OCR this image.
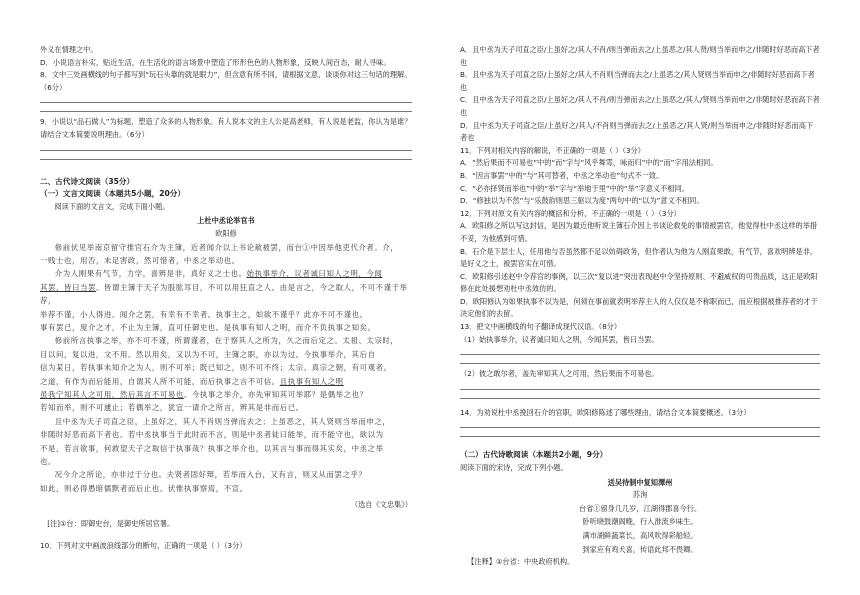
外义在情理之中。

D．小说语言朴实，贴近生活，在生活化的语言场景中塑造了形形色色的人物形象，反映人间百态，耐人寻味。

8．文中三处画横线的句子都写到“玩石头靠的就是眼力”，但含意有所不同，请根据文意，谈谈你对这三句话的理解。（6分）

9．小说以“品石做人”为标题，塑造了众多的人物形象。有人说本文的主人公是高老师，有人说是老监，你认为是谁？请结合文本简要说明理由。（6分）

二、古代诗文阅读（35分）

（一）文言文阅读（本题共5小题，20分）

阅读下面的文言文，完成下面小题。

上杜中丞论举官书

欧阳修

修前伏见举南京留守推官石介为主簿，近者闻介以上书论赦被罢，而台①中因举他吏代介者。介，

一贱士也，用否，未足害政，然可惜者，中丞之举动也。

介为人刚果有气节，力学，喜辨是非，真好义之士也。始执事举介，议者诚曰知人之明，今闻

其罢，皆曰当罢。皆谓主簿于天子为股肱耳目，不可以用狂直之人。由是言之，今之取人，不可不谨于举荐，

举荐不谨，小人得进。闻介之罢，有幸有不幸者。执事主之，如欲不谨乎？此亦不可不谨也。

事有罢已，度介之才，不止为主簿，直可任御史也。是执事有知人之明，而介不负执事之知矣。

修前所言执事之举，亦不可不谨，所谓谨者，在于察其人之所为，久之而后定之。太祖、太宗时，

目以问，复以进，文不用。然以用矣，又以为不可，主簿之职，亦以为过。今执事举介，其后自

信为某日，若执事未知介之为人，则不可举；既已知之，则不可不终；太宗、真宗之朝，有可观者。

之道，有作为而后能用，自谓其人所不可能，而后执事之言不可信。且执事有知人之明

虽我宁知其人之可用，然后其言不可易也。今执事之举介，亦先审知其可举耶？是偶举之也？

若知而举，则不可遽止；若偶举之，犹宜一请介之所言，辨其是非而后已。

且中丞为天子司直之臣，上虽好之，其人不肖则当弹而去之；上虽恶之，其人贤则当举而申之，

非随时好恶而高下者也。若中丞执事当于此时而不言，则是中丞者徒曰能举，而不能守也，欲以为

不是，若言欲事，何救望天子之取信于执事哉？执事之举介也，以其言与事而得其实矣，中丞之举

也。

况今介之所论，亦非过于分也。夫贤者固好辩，若举而入台，又有言，则又从而罢之乎？

如此，则必得愚暗儒默者而后止也。伏惟执事察焉，不宣。

（选自《文忠集》）

[注]①台：即御史台，是御史所居官署。

10．下列对文中画波浪线部分的断句，正确的一项是（ ）（3分）

A．且中丞为天子司直之臣/上虽好之/其人不肖/则当弹而去之/上虽恶之/其人贤/则当举而申之/非随时好恶而高下者也

B．且中丞为天子司直之臣/上虽好之/其人不肖则当弹而去之/上虽恶之/其人贤则当举而申之/非随时好恶而高下者也

C．且中丞为天子司直之臣/上虽好之/其人不肖/则当弹而去之/上虽恶之/其人/贤则当举而申之/非随时好恶而高下者也

D．且中丞为天子司直之臣/上虽好之/其人/不肖则当弹而去之/上虽恶之/其人贤/则当举而申之/非随时好恶而高下者也

11．下列对相关内容的解说，不正确的一项是（ ）（3分）

A．“然后果而不可易也”中的“而”字与“风乎舞雩，咏而归”中的“而”字用法相同。

B．“因言事罢”中的“与”其可替者，中丞之举动也”句式不一致。

C．“必亦择贤而举也”中的“举”字与“举地于里”中的“举”字意义不相同。

D．“修独以为不然”与“乐鼓韵则思三驱以为度”两句中的“以为”意义不相同。

12．下列对原文有关内容的概括和分析，不正确的一项是（ ）（3分）

A．欧阳修之所以写这封信，是因为最近他听说主簿石介因上书谈论救免的事情被罢官，他觉得杜中丞这样的举措不妥，为他感到可惜。

B．石介是下层士人，任用他与否虽然都不足以妨碍政务，但作者认为他为人刚直果敢，有气节，喜欢明辨是非，是好义之士，被罢官实在可惜。

C．欧阳修引述赵中令荐官的事例，以三次“复以进”突出表现赵中令坚持原则、不避威权的可贵品质，这正是欧阳修在此处援想劝杜中丞效仿的。

D．欧阳修认为如果执事不以为是，何须在事前就表明举荐主人的人仅仅是不称职而已，而应根据被推荐者的才干决定他们的去留。

13．把文中画横线的句子翻译成现代汉语。（8分）

（1）始执事举介，议者诚曰知人之明，今闻其罢，皆曰当罢。

（2）彼之敢尔者，盖先审知其人之可用，然后果而不可易也。

14．为劝说杜中丞挽回石介的官职，欧阳修陈述了哪些理由，请结合文本简要概述。（3分）

（二）古代诗歌阅读（本题共2小题，9分）

阅读下面的宋诗，完成下列小题。

送吴待制中复知潭州

苏洵

台省①留身几几岁，江湖得郡喜今行。

卧听晓鼓潮阁晚，行入淮流乡味生。

满市湖鲜蔬菜长，高风吹得彩船轻。

到家应有鸡犬喜，传语此邦不畏卿。

【注释】①台省：中央政府机构。
